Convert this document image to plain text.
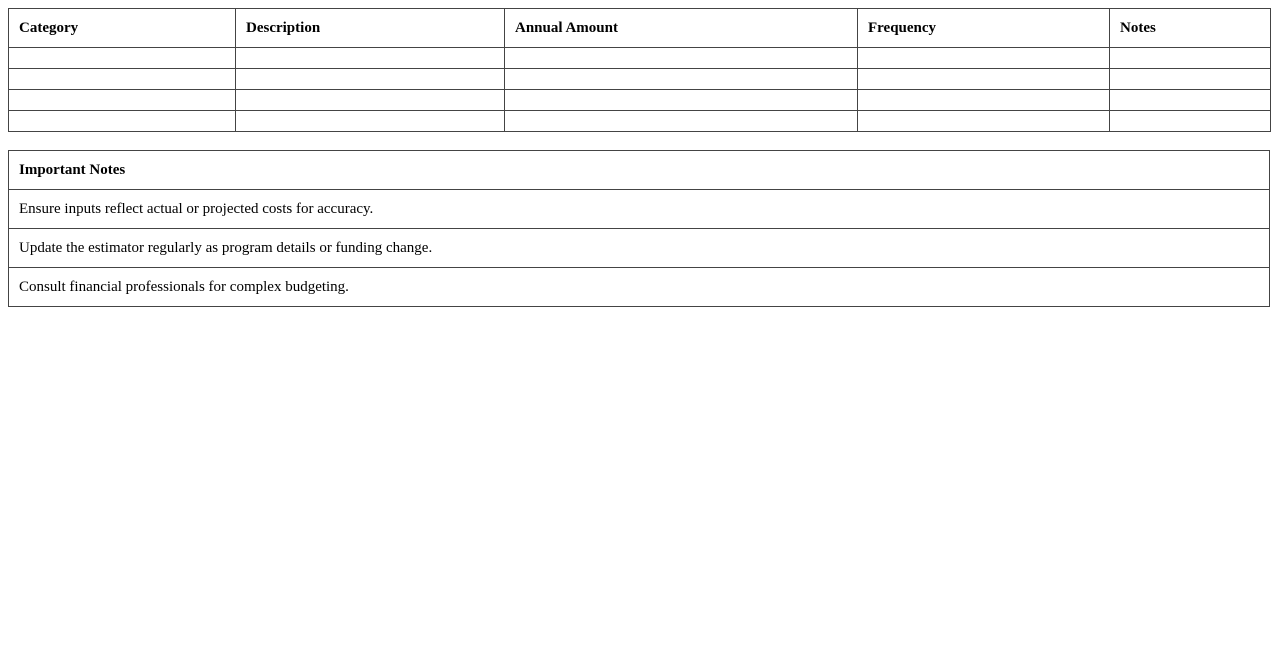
Category	Description	Annual Amount	Frequency	Notes

Important Notes
Ensure inputs reflect actual or projected costs for accuracy.
Update the estimator regularly as program details or funding change.
Consult financial professionals for complex budgeting.
